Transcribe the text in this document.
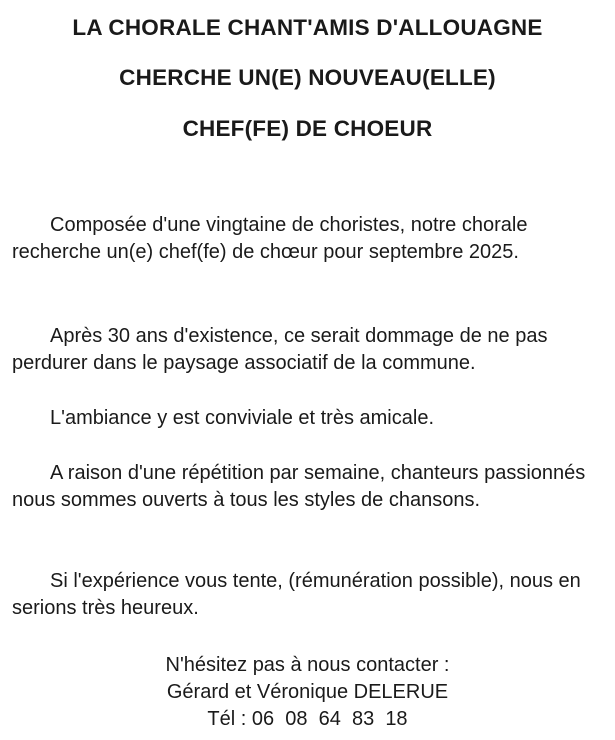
LA CHORALE CHANT'AMIS D'ALLOUAGNE
CHERCHE UN(E) NOUVEAU(ELLE)
CHEF(FE) DE CHOEUR

Composée d'une vingtaine de choristes, notre chorale recherche un(e) chef(fe) de chœur pour septembre 2025.

Après 30 ans d'existence, ce serait dommage de ne pas perdurer dans le paysage associatif de la commune.

L'ambiance y est conviviale et très amicale.

A raison d'une répétition par semaine, chanteurs passionnés nous sommes ouverts à tous les styles de chansons.

Si l'expérience vous tente, (rémunération possible), nous en serions très heureux.

N'hésitez pas à nous contacter :
Gérard et Véronique DELERUE
Tél : 06  08  64  83  18
